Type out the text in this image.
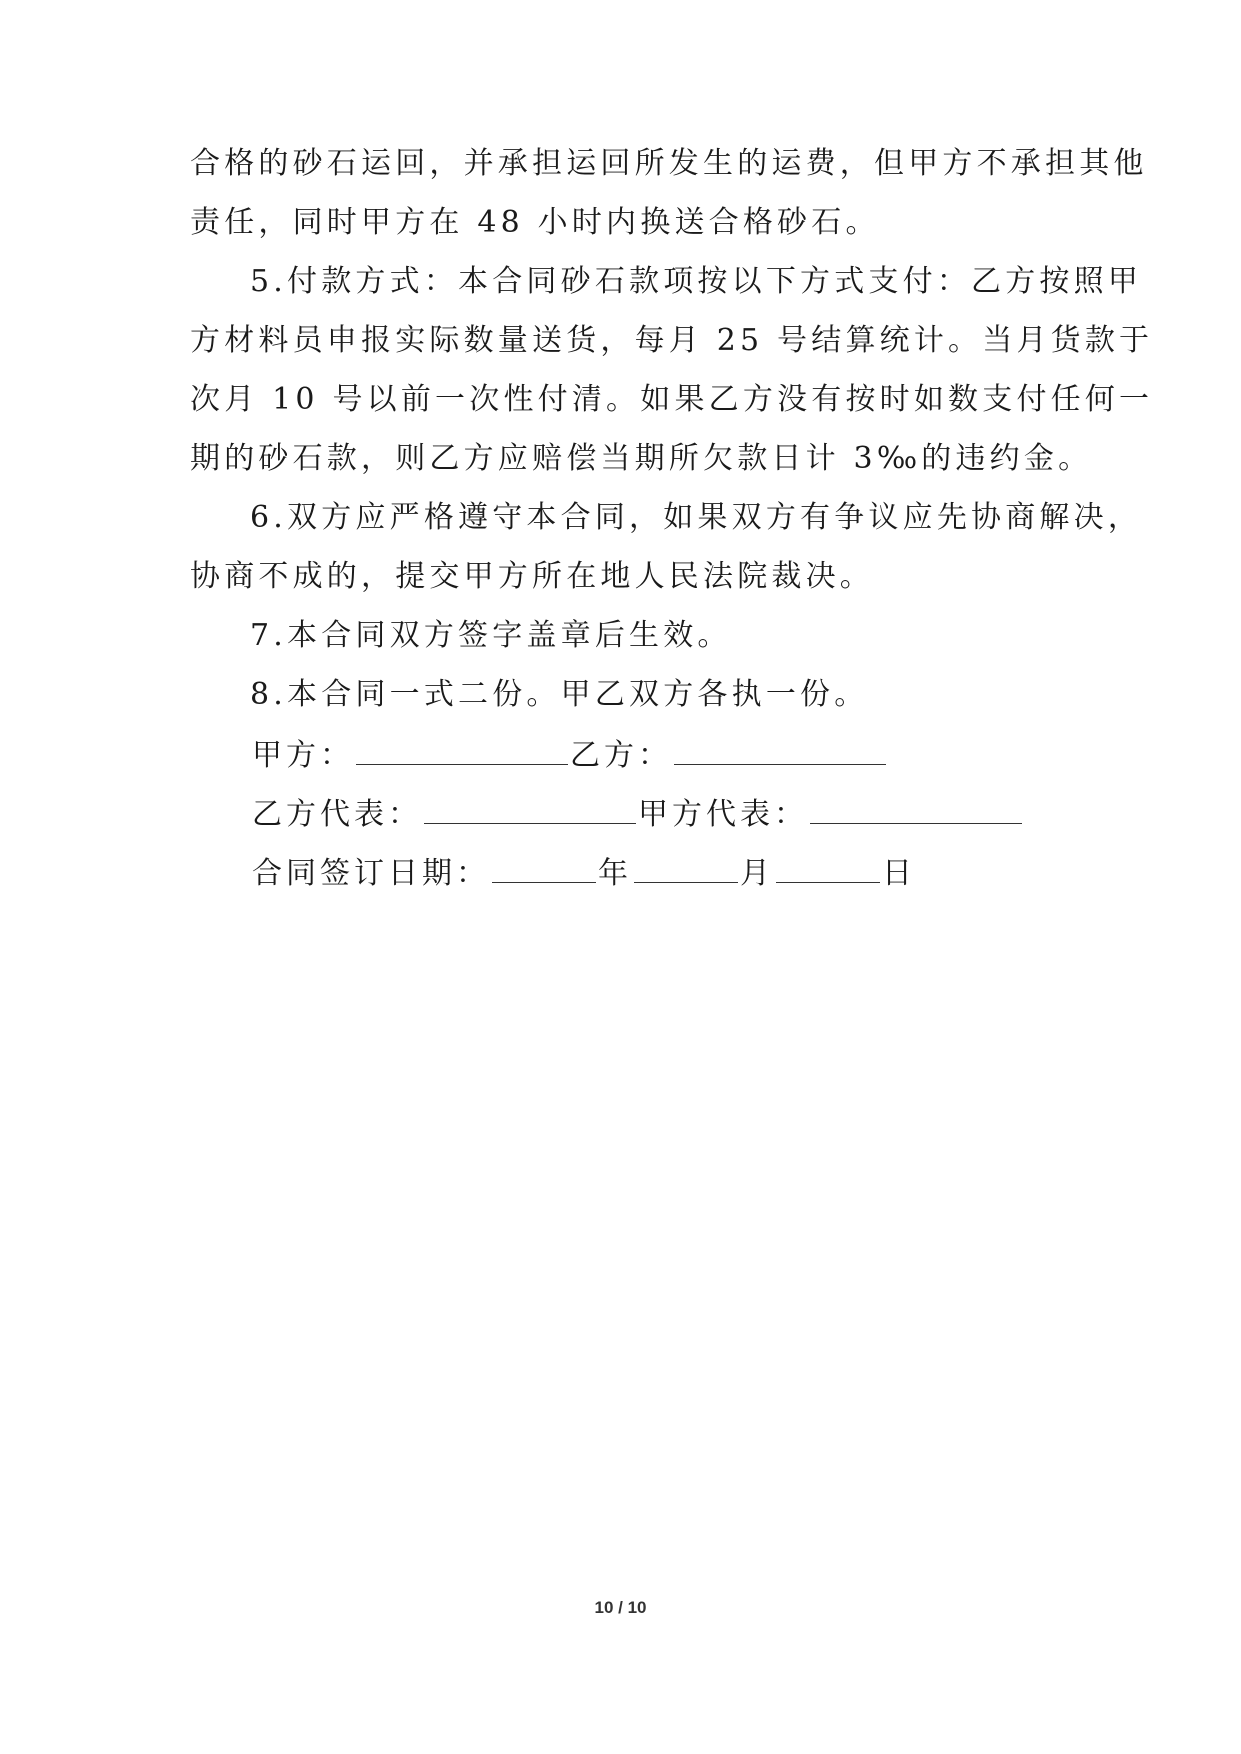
合格的砂石运回，并承担运回所发生的运费，但甲方不承担其他
责任，同时甲方在 48 小时内换送合格砂石。
5.付款方式：本合同砂石款项按以下方式支付：乙方按照甲
方材料员申报实际数量送货，每月 25 号结算统计。当月货款于
次月 10 号以前一次性付清。如果乙方没有按时如数支付任何一
期的砂石款，则乙方应赔偿当期所欠款日计 3‰的违约金。
6.双方应严格遵守本合同，如果双方有争议应先协商解决，
协商不成的，提交甲方所在地人民法院裁决。
7.本合同双方签字盖章后生效。
8.本合同一式二份。甲乙双方各执一份。
甲方：	乙方：
乙方代表：	甲方代表：
合同签订日期：	年	月	日
10 / 10
